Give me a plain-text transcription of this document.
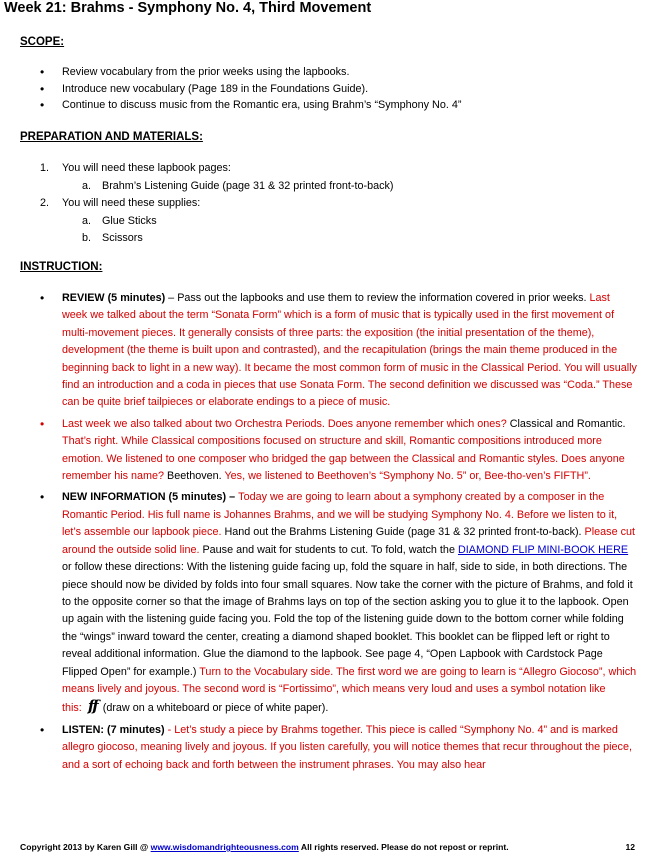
Week 21: Brahms - Symphony No. 4, Third Movement
SCOPE:
•	Review vocabulary from the prior weeks using the lapbooks.
•	Introduce new vocabulary (Page 189 in the Foundations Guide).
•	Continue to discuss music from the Romantic era, using Brahm’s “Symphony No. 4”
PREPARATION AND MATERIALS:
1.	You will need these lapbook pages:
a.	Brahm’s Listening Guide (page 31 & 32 printed front-to-back)
2.	You will need these supplies:
a.	Glue Sticks
b.	Scissors
INSTRUCTION:
•	REVIEW (5 minutes) – Pass out the lapbooks and use them to review the information covered in prior weeks. Last week we talked about the term “Sonata Form” which is a form of music that is typically used in the first movement of multi-movement pieces. It generally consists of three parts: the exposition (the initial presentation of the theme), development (the theme is built upon and contrasted), and the recapitulation (brings the main theme produced in the beginning back to light in a new way). It became the most common form of music in the Classical Period. You will usually find an introduction and a coda in pieces that use Sonata Form. The second definition we discussed was “Coda.” These can be quite brief tailpieces or elaborate endings to a piece of music.
•	Last week we also talked about two Orchestra Periods. Does anyone remember which ones? Classical and Romantic. That’s right. While Classical compositions focused on structure and skill, Romantic compositions introduced more emotion. We listened to one composer who bridged the gap between the Classical and Romantic styles. Does anyone remember his name? Beethoven. Yes, we listened to Beethoven’s “Symphony No. 5” or, Bee-tho-ven’s FIFTH”.
•	NEW INFORMATION (5 minutes) – Today we are going to learn about a symphony created by a composer in the Romantic Period. His full name is Johannes Brahms, and we will be studying Symphony No. 4. Before we listen to it, let’s assemble our lapbook piece. Hand out the Brahms Listening Guide (page 31 & 32 printed front-to-back). Please cut around the outside solid line. Pause and wait for students to cut. To fold, watch the DIAMOND FLIP MINI-BOOK HERE or follow these directions: With the listening guide facing up, fold the square in half, side to side, in both directions. The piece should now be divided by folds into four small squares. Now take the corner with the picture of Brahms, and fold it to the opposite corner so that the image of Brahms lays on top of the section asking you to glue it to the lapbook. Open up again with the listening guide facing you. Fold the top of the listening guide down to the bottom corner while folding the “wings” inward toward the center, creating a diamond shaped booklet. This booklet can be flipped left or right to reveal additional information. Glue the diamond to the lapbook. See page 4, “Open Lapbook with Cardstock Page Flipped Open” for example.) Turn to the Vocabulary side. The first word we are going to learn is “Allegro Giocoso”, which means lively and joyous. The second word is “Fortissimo”, which means very loud and uses a symbol notation like this: ff (draw on a whiteboard or piece of white paper).
•	LISTEN: (7 minutes) - Let’s study a piece by Brahms together. This piece is called “Symphony No. 4” and is marked allegro giocoso, meaning lively and joyous. If you listen carefully, you will notice themes that recur throughout the piece, and a sort of echoing back and forth between the instrument phrases. You may also hear
Copyright 2013 by Karen Gill @ www.wisdomandrighteousness.com All rights reserved. Please do not repost or reprint.	12
